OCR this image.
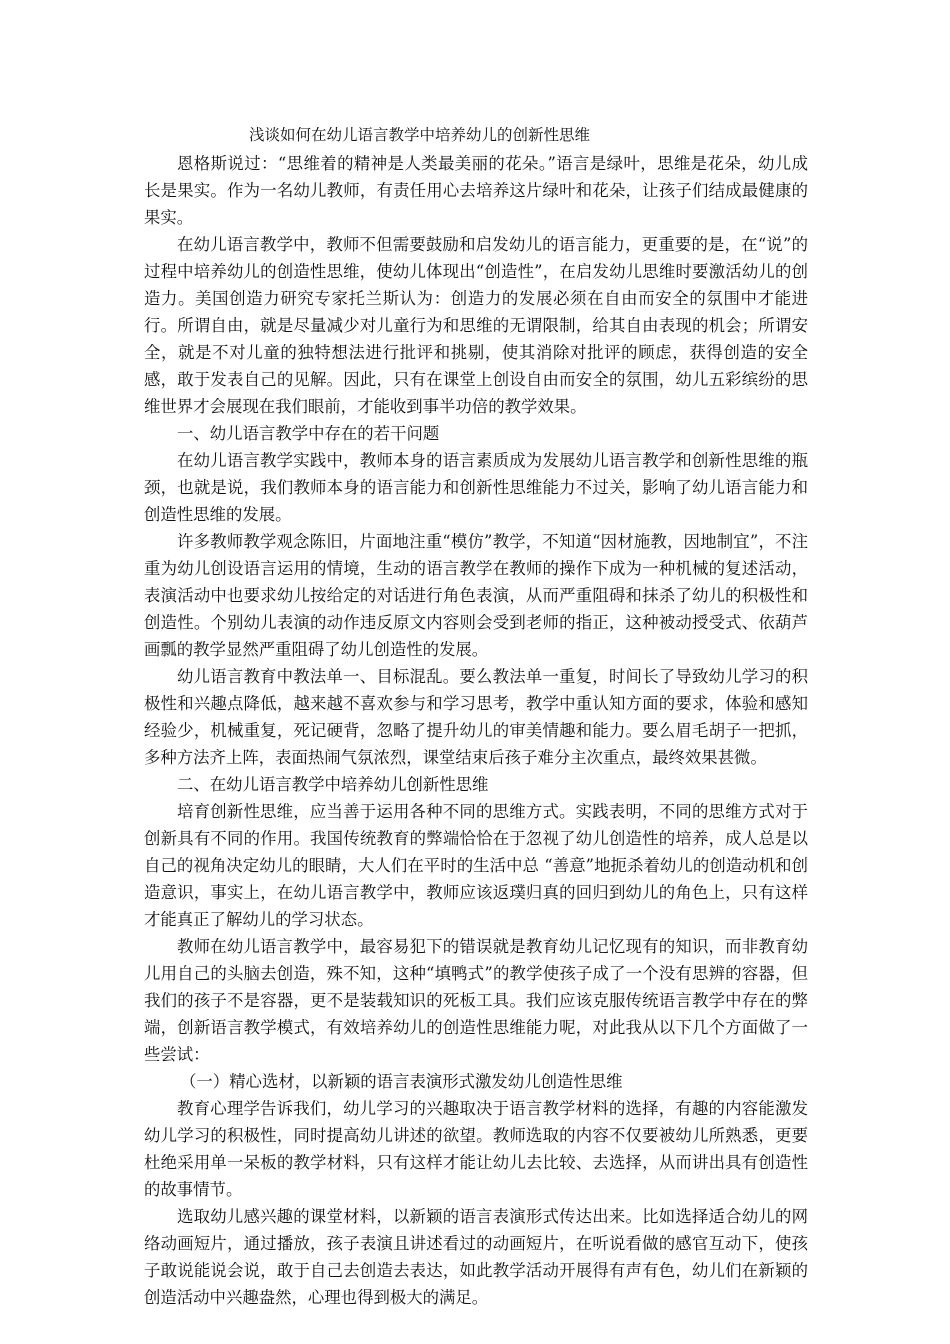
浅谈如何在幼儿语言教学中培养幼儿的创新性思维

恩格斯说过：“思维着的精神是人类最美丽的花朵。”语言是绿叶，思维是花朵，幼儿成长是果实。作为一名幼儿教师，有责任用心去培养这片绿叶和花朵，让孩子们结成最健康的果实。

在幼儿语言教学中，教师不但需要鼓励和启发幼儿的语言能力，更重要的是，在“说”的过程中培养幼儿的创造性思维，使幼儿体现出“创造性”，在启发幼儿思维时要激活幼儿的创造力。美国创造力研究专家托兰斯认为：创造力的发展必须在自由而安全的氛围中才能进行。所谓自由，就是尽量减少对儿童行为和思维的无谓限制，给其自由表现的机会；所谓安全，就是不对儿童的独特想法进行批评和挑剔，使其消除对批评的顾虑，获得创造的安全感，敢于发表自己的见解。因此，只有在课堂上创设自由而安全的氛围，幼儿五彩缤纷的思维世界才会展现在我们眼前，才能收到事半功倍的教学效果。

一、幼儿语言教学中存在的若干问题

在幼儿语言教学实践中，教师本身的语言素质成为发展幼儿语言教学和创新性思维的瓶颈，也就是说，我们教师本身的语言能力和创新性思维能力不过关，影响了幼儿语言能力和创造性思维的发展。

许多教师教学观念陈旧，片面地注重“模仿”教学，不知道“因材施教，因地制宜”，不注重为幼儿创设语言运用的情境，生动的语言教学在教师的操作下成为一种机械的复述活动，表演活动中也要求幼儿按给定的对话进行角色表演，从而严重阻碍和抹杀了幼儿的积极性和创造性。个别幼儿表演的动作违反原文内容则会受到老师的指正，这种被动授受式、依葫芦画瓢的教学显然严重阻碍了幼儿创造性的发展。

幼儿语言教育中教法单一、目标混乱。要么教法单一重复，时间长了导致幼儿学习的积极性和兴趣点降低，越来越不喜欢参与和学习思考，教学中重认知方面的要求，体验和感知经验少，机械重复，死记硬背，忽略了提升幼儿的审美情趣和能力。要么眉毛胡子一把抓，多种方法齐上阵，表面热闹气氛浓烈，课堂结束后孩子难分主次重点，最终效果甚微。

二、在幼儿语言教学中培养幼儿创新性思维

培育创新性思维，应当善于运用各种不同的思维方式。实践表明，不同的思维方式对于创新具有不同的作用。我国传统教育的弊端恰恰在于忽视了幼儿创造性的培养，成人总是以自己的视角决定幼儿的眼睛，大人们在平时的生活中总 “善意”地扼杀着幼儿的创造动机和创造意识，事实上，在幼儿语言教学中，教师应该返璞归真的回归到幼儿的角色上，只有这样才能真正了解幼儿的学习状态。

教师在幼儿语言教学中，最容易犯下的错误就是教育幼儿记忆现有的知识，而非教育幼儿用自己的头脑去创造，殊不知，这种“填鸭式”的教学使孩子成了一个没有思辨的容器，但我们的孩子不是容器，更不是装载知识的死板工具。我们应该克服传统语言教学中存在的弊端，创新语言教学模式，有效培养幼儿的创造性思维能力呢，对此我从以下几个方面做了一些尝试：

（一）精心选材，以新颖的语言表演形式激发幼儿创造性思维

教育心理学告诉我们，幼儿学习的兴趣取决于语言教学材料的选择，有趣的内容能激发幼儿学习的积极性，同时提高幼儿讲述的欲望。教师选取的内容不仅要被幼儿所熟悉，更要杜绝采用单一呆板的教学材料，只有这样才能让幼儿去比较、去选择，从而讲出具有创造性的故事情节。

选取幼儿感兴趣的课堂材料，以新颖的语言表演形式传达出来。比如选择适合幼儿的网络动画短片，通过播放，孩子表演且讲述看过的动画短片，在听说看做的感官互动下，使孩子敢说能说会说，敢于自己去创造去表达，如此教学活动开展得有声有色，幼儿们在新颖的创造活动中兴趣盎然，心理也得到极大的满足。
